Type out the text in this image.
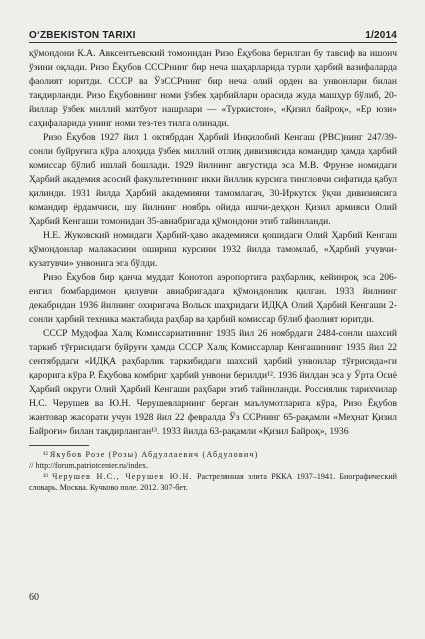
O‘ZBEKISTON TARIXI	1/2014

қўмондони К.А. Авксентьевский томонидан Ризо Ёқубова берилган бу тавсиф ва ишонч ўзини оқлади. Ризо Ёқубов СССРнинг бир неча шаҳарларида турли ҳарбий вазифаларда фаолият юритди. СССР ва ЎзССРнинг бир неча олий орден ва унвонлари билан тақдирланди. Ризо Ёқубовнинг номи ўзбек ҳарбийлари орасида жуда машҳур бўлиб, 20-йиллар ўзбек миллий матбуот нашрлари — «Туркистон», «Қизил байроқ», «Ер юзи» саҳифаларида унинг номи тез-тез тилга олинади.

Ризо Ёқубов 1927 йил 1 октябрдан Ҳарбий Инқилобий Кенгаш (РВС)нинг 247/39-сонли буйруғига кўра алоҳида ўзбек миллий отлиқ дивизиясида командир ҳамда ҳарбий комиссар бўлиб ишлай бошлади. 1929 йилнинг августида эса М.В. Фрунзе номидаги Ҳарбий академия асосий факультетининг икки йиллик курсига тингловчи сифатида қабул қилинди. 1931 йилда Ҳарбий академияни тамомлагач, 30-Иркутск ўқчи дивизиясига командир ёрдамчиси, шу йилнинг ноябрь ойида ишчи-деҳқон Қизил армияси Олий Ҳарбий Кенгаши томонидан 35-авиабригада қўмондони этиб тайинланди.

Н.Е. Жуковский номидаги Ҳарбий-ҳаво академияси қошидаги Олий Ҳарбий Кенгаш қўмондонлар малакасини ошириш курсини 1932 йилда тамомлаб, «Ҳарбий учувчи-кузатувчи» унвонига эга бўлди.

Ризо Ёқубов бир қанча муддат Конотоп аэропортига раҳбарлик, кейинроқ эса 206-енгил бомбардимон қилувчи авиабригадага қўмондонлик қилган. 1933 йилнинг декабридан 1936 йилнинг охиригача Вольск шаҳридаги ИДҚА Олий Ҳарбий Кенгаши 2-сонли ҳарбий техника мактабида раҳбар ва ҳарбий комиссар бўлиб фаолият юритди.

СССР Мудофаа Халқ Комиссариатининг 1935 йил 26 ноябрдаги 2484-сонли шахсий таркиб тўғрисидаги буйруғи ҳамда СССР Халқ Комиссарлар Кенгашининг 1935 йил 22 сентябрдаги «ИДҚА раҳбарлик таркибидаги шахсий ҳарбий унвонлар тўғрисида»ги қарорига кўра Р. Ёқубова комбриг ҳарбий унвони берилди¹². 1936 йилдан эса у Ўрта Осиё Ҳарбий округи Олий Ҳарбий Кенгаши раҳбари этиб тайинланди. Россиялик тарихчилар Н.С. Черушев ва Ю.Н. Черушевларнинг берган маълумотларига кўра, Ризо Ёқубов жантовар жасорати учун 1928 йил 22 февралда Ўз ССРнинг 65-рақамли «Меҳнат Қизил Байроғи» билан тақдирланган¹³. 1933 йилда 63-рақамли «Қизил Байроқ», 1936

¹² Якубов Розе (Розы) Абдуллаевич (Абдулович)
// http://forum.patriotcenter.ru/index.

¹³ Черушев Н.С., Черушев Ю.Н. Растрелянная элита РККА 1937–1941. Биографический словарь. Москва. Кучково поле. 2012. 307-бет.

60
